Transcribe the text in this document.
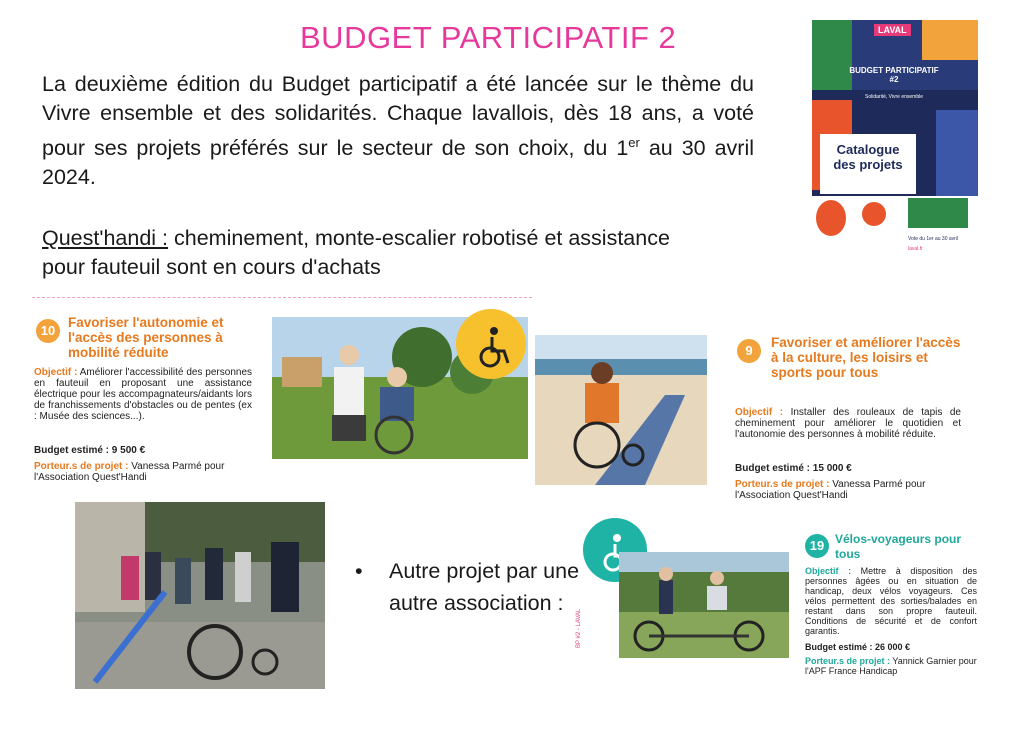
BUDGET PARTICIPATIF 2
La deuxième édition du Budget participatif a été lancée sur le thème du Vivre ensemble et des solidarités. Chaque lavallois, dès 18 ans, a voté pour ses projets préférés sur le secteur de son choix, du 1er au 30 avril 2024.
Quest'handi : cheminement, monte-escalier robotisé et assistance pour fauteuil sont en cours d'achats
LAVAL
BUDGET PARTICIPATIF #2
Solidarité, Vivre ensemble
Catalogue des projets
Vote du 1er au 30 avril
laval.fr
10
Favoriser l'autonomie et l'accès des personnes à mobilité réduite
Objectif : Améliorer l'accessibilité des personnes en fauteuil en proposant une assistance électrique pour les accompagnateurs/aidants lors de franchissements d'obstacles ou de pentes (ex : Musée des sciences...).
Budget estimé : 9 500 €
Porteur.s de projet : Vanessa Parmé pour l'Association Quest'Handi
9
Favoriser et améliorer l'accès à la culture, les loisirs et sports pour tous
Objectif : Installer des rouleaux de tapis de cheminement pour améliorer le quotidien et l'autonomie des personnes à mobilité réduite.
Budget estimé : 15 000 €
Porteur.s de projet : Vanessa Parmé pour l'Association Quest'Handi
• Autre projet par une autre association :
BP #2 - LAVAL
19 Vélos-voyageurs pour tous
Objectif : Mettre à disposition des personnes âgées ou en situation de handicap, deux vélos voyageurs. Ces vélos permettent des sorties/balades en restant dans son propre fauteuil. Conditions de sécurité et de confort garantis.
Budget estimé : 26 000 €
Porteur.s de projet : Yannick Garnier pour l'APF France Handicap
